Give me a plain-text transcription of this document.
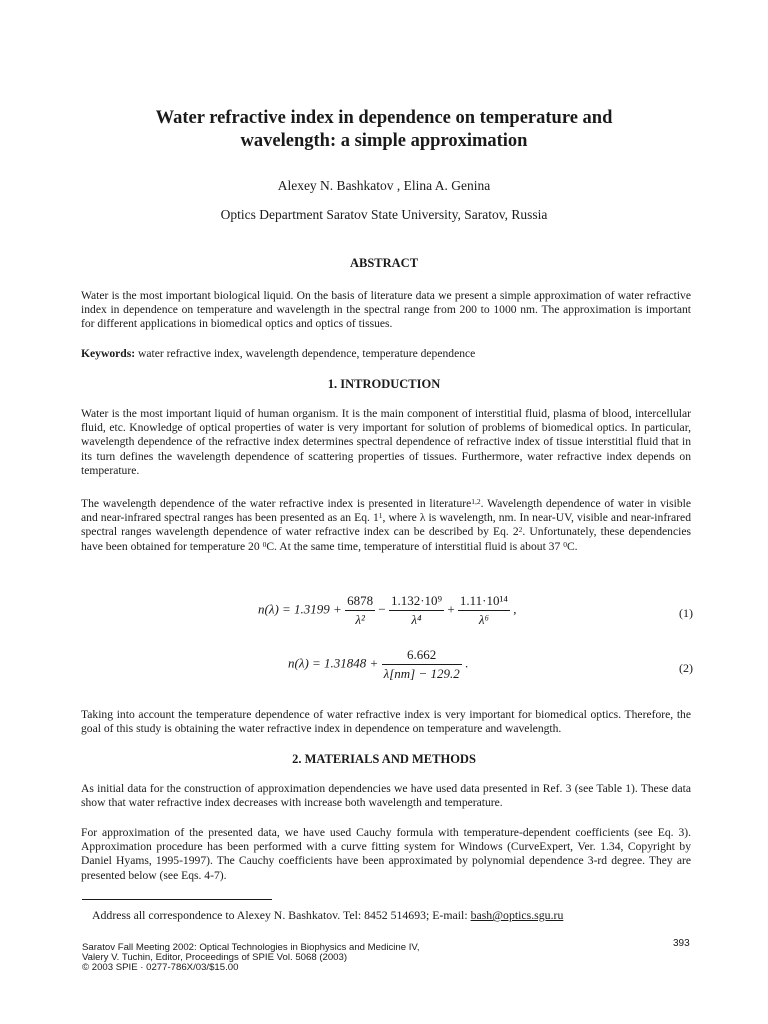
Water refractive index in dependence on temperature and
wavelength: a simple approximation
Alexey N. Bashkatov , Elina A. Genina
Optics Department Saratov State University, Saratov, Russia
ABSTRACT

Water is the most important biological liquid. On the basis of literature data we present a simple approximation of water refractive index in dependence on temperature and wavelength in the spectral range from 200 to 1000 nm. The approximation is important for different applications in biomedical optics and optics of tissues.

Keywords: water refractive index, wavelength dependence, temperature dependence

1. INTRODUCTION

Water is the most important liquid of human organism. It is the main component of interstitial fluid, plasma of blood, intercellular fluid, etc. Knowledge of optical properties of water is very important for solution of problems of biomedical optics. In particular, wavelength dependence of the refractive index determines spectral dependence of refractive index of tissue interstitial fluid that in its turn defines the wavelength dependence of scattering properties of tissues. Furthermore, water refractive index depends on temperature.

The wavelength dependence of the water refractive index is presented in literature$^{1,2}$. Wavelength dependence of water in visible and near-infrared spectral ranges has been presented as an Eq. $1^1$, where λ is wavelength, nm. In near-UV, visible and near-infrared spectral ranges wavelength dependence of water refractive index can be described by Eq. $2^2$. Unfortunately, these dependencies have been obtained for temperature 20 $^0$C. At the same time, temperature of interstitial fluid is about 37 $^0$C.

$n(\lambda) = 1.3199 + \frac{6878}{\text{λ²}} - \frac{\text{1.132·10⁹}}{\text{λ⁴}} + \frac{\text{1.11·10¹⁴}}{\text{λ⁶}}$ ,	(1)
$n(\lambda) = 1.31848 + \frac{6.662}{\lambda[nm] - 129.2}$ .	(2)

Taking into account the temperature dependence of water refractive index is very important for biomedical optics. Therefore, the goal of this study is obtaining the water refractive index in dependence on temperature and wavelength.

2. MATERIALS AND METHODS

As initial data for the construction of approximation dependencies we have used data presented in Ref. 3 (see Table 1). These data show that water refractive index decreases with increase both wavelength and temperature.

For approximation of the presented data, we have used Cauchy formula with temperature-dependent coefficients (see Eq. 3). Approximation procedure has been performed with a curve fitting system for Windows (CurveExpert, Ver. 1.34, Copyright by Daniel Hyams, 1995-1997). The Cauchy coefficients have been approximated by polynomial dependence 3-rd degree. They are presented below (see Eqs. 4-7).

Address all correspondence to Alexey N. Bashkatov. Tel: 8452 514693; E-mail: bash@optics.sgu.ru
Saratov Fall Meeting 2002: Optical Technologies in Biophysics and Medicine IV,
Valery V. Tuchin, Editor, Proceedings of SPIE Vol. 5068 (2003)
© 2003 SPIE · 0277-786X/03/$15.00
393
